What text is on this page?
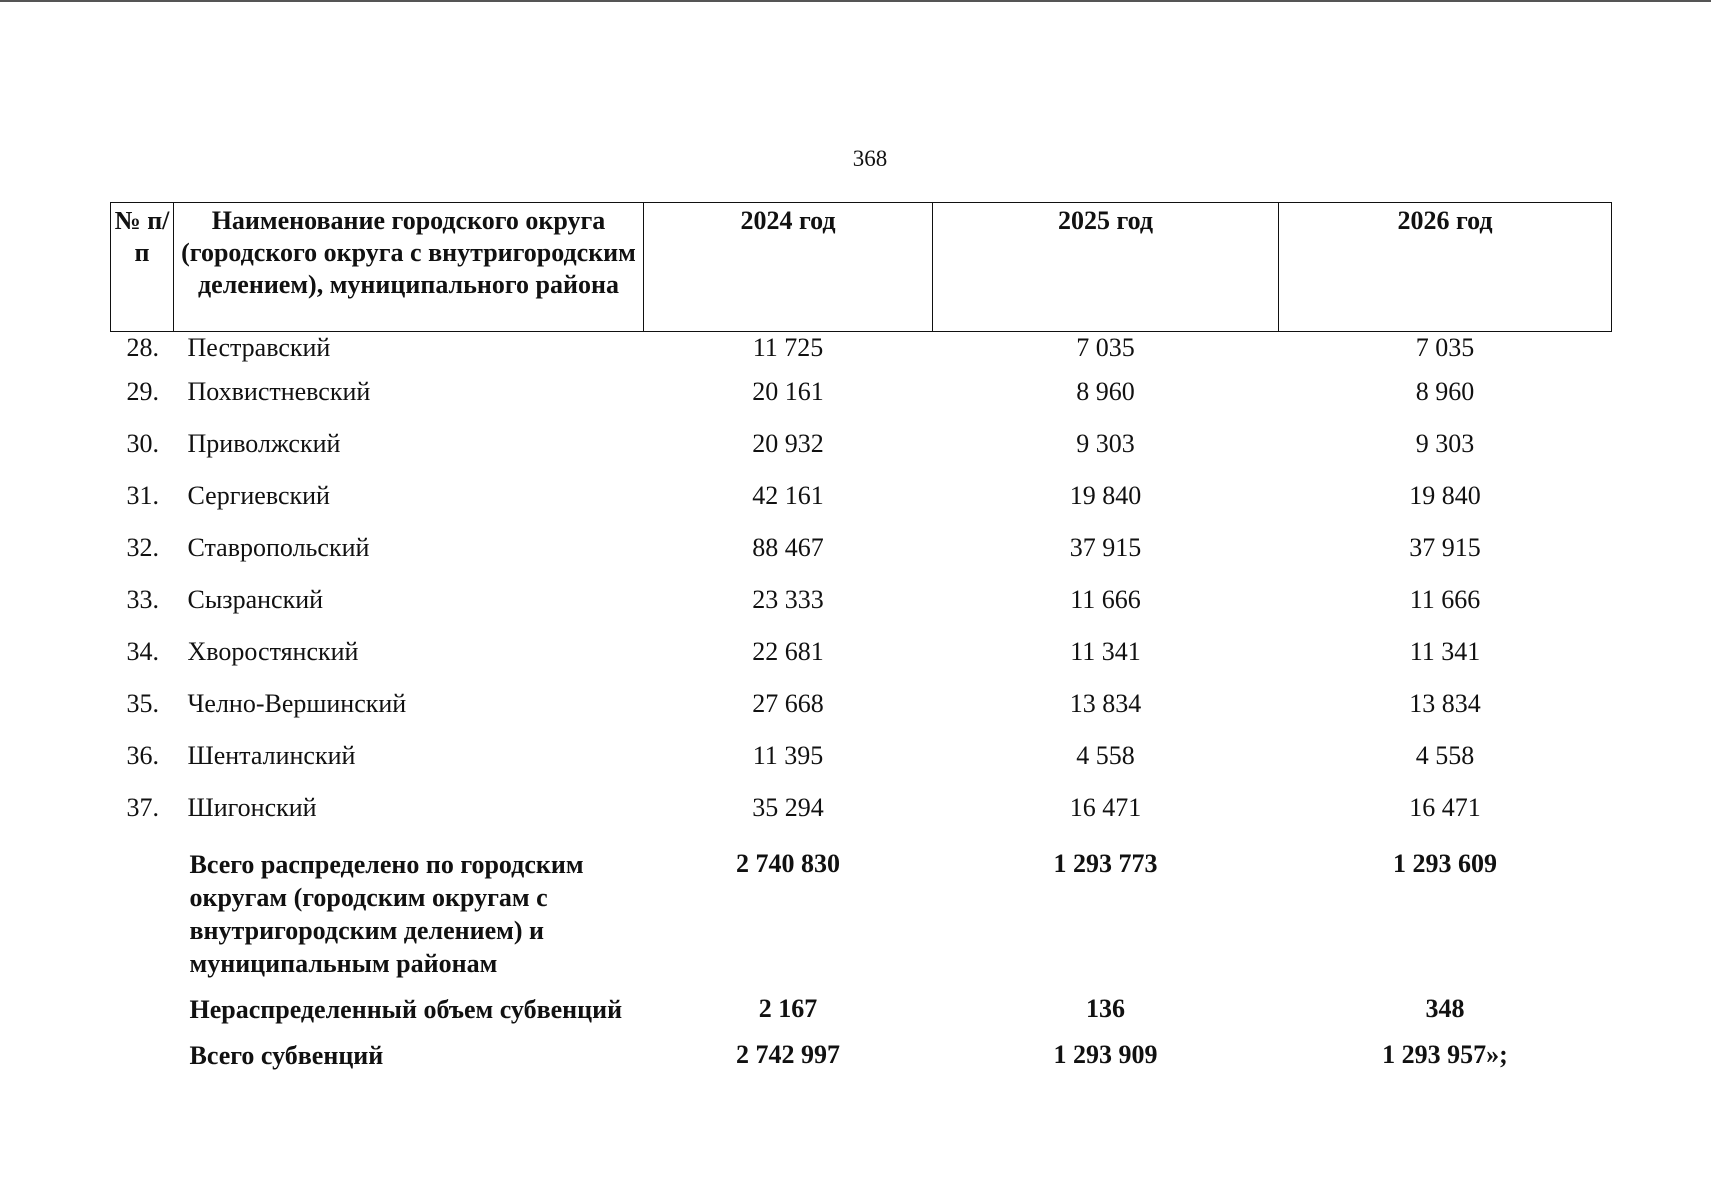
368
№ п/п	Наименование городского округа (городского округа с внутригородским делением), муниципального района	2024 год	2025 год	2026 год
28.	Пестравский	11 725	7 035	7 035
29.	Похвистневский	20 161	8 960	8 960
30.	Приволжский	20 932	9 303	9 303
31.	Сергиевский	42 161	19 840	19 840
32.	Ставропольский	88 467	37 915	37 915
33.	Сызранский	23 333	11 666	11 666
34.	Хворостянский	22 681	11 341	11 341
35.	Челно-Вершинский	27 668	13 834	13 834
36.	Шенталинский	11 395	4 558	4 558
37.	Шигонский	35 294	16 471	16 471
	Всего распределено по городским округам (городским округам с внутригородским делением) и муниципальным районам	2 740 830	1 293 773	1 293 609
	Нераспределенный объем субвенций	2 167	136	348
	Всего субвенций	2 742 997	1 293 909	1 293 957»;
